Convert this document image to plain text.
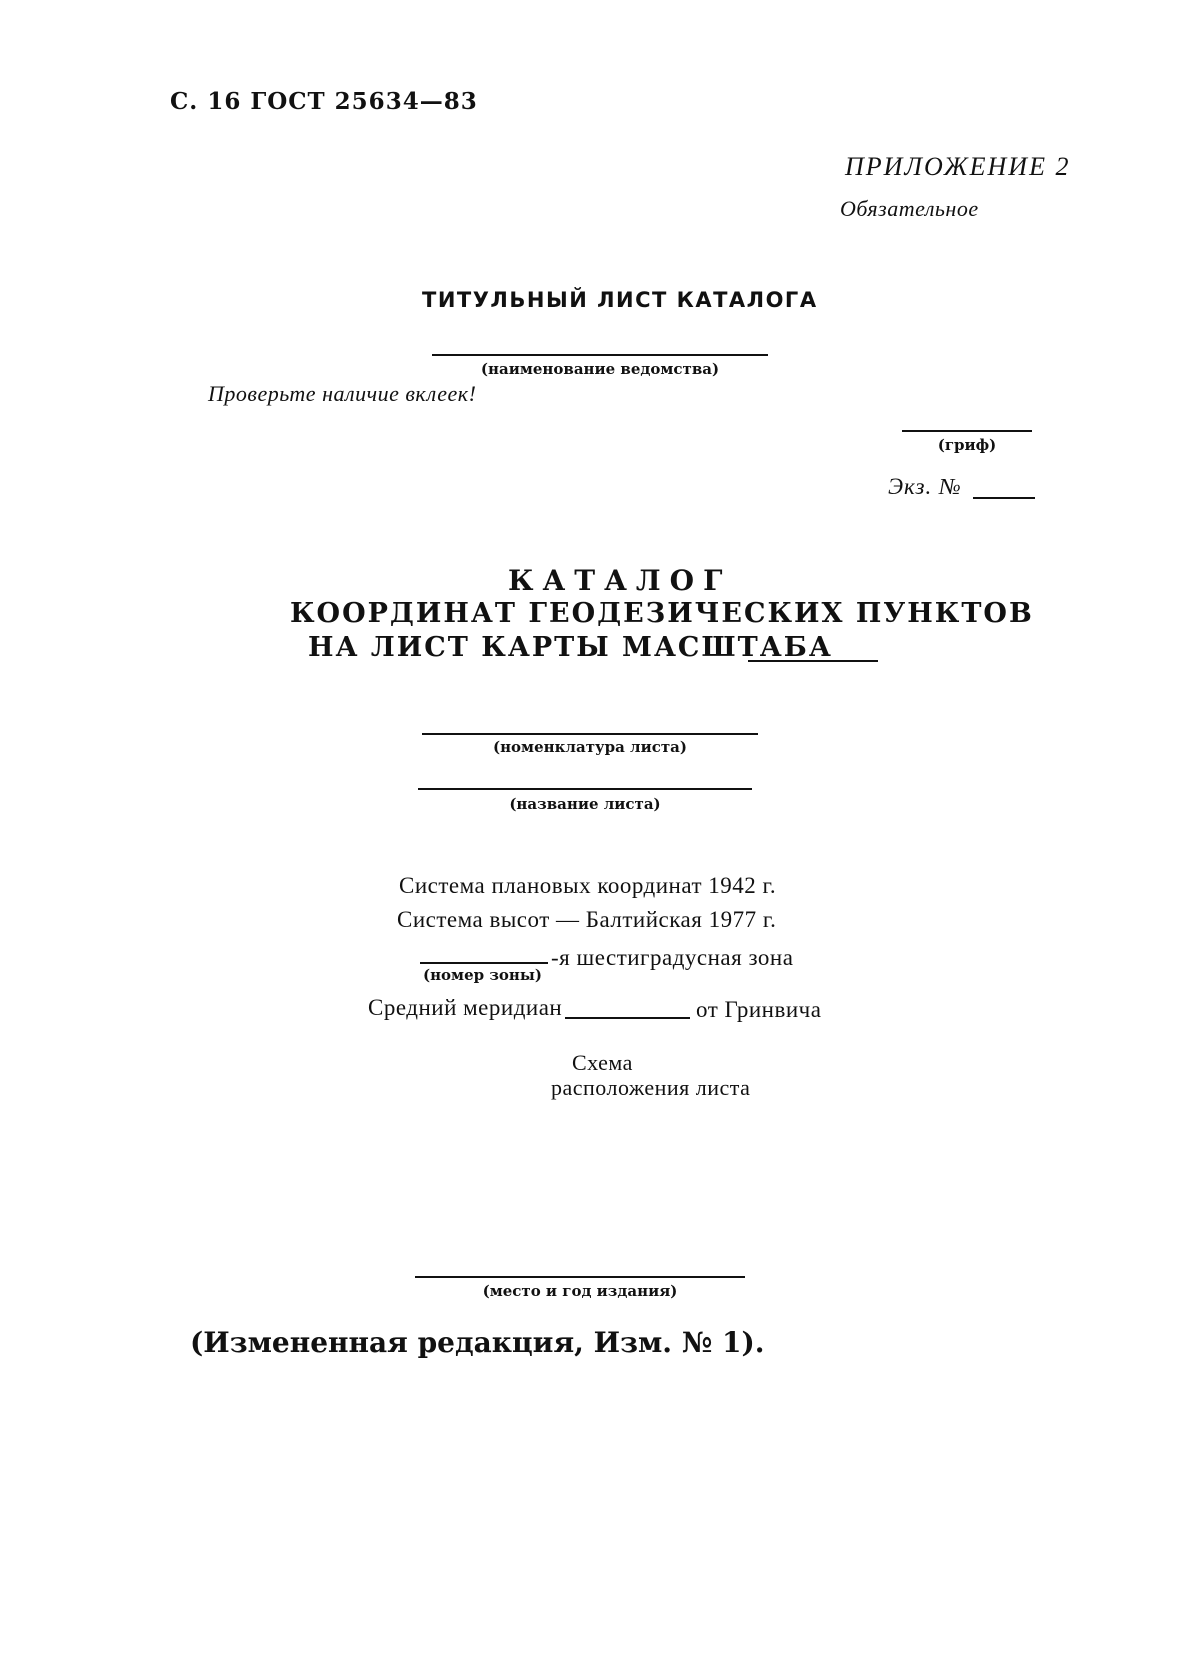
С. 16 ГОСТ 25634—83
ПРИЛОЖЕНИЕ 2
Обязательное
ТИТУЛЬНЫЙ ЛИСТ КАТАЛОГА
(наименование ведомства)
Проверьте наличие вклеек!
(гриф)
Экз. №
КАТАЛОГ
КООРДИНАТ ГЕОДЕЗИЧЕСКИХ ПУНКТОВ
НА ЛИСТ КАРТЫ МАСШТАБА
(номенклатура листа)
(название листа)
Система плановых координат 1942 г.
Система высот — Балтийская 1977 г.
-я шестиградусная зона
(номер зоны)
Средний меридиан	от Гринвича
Схема
расположения листа
(место и год издания)
(Измененная редакция, Изм. № 1).
